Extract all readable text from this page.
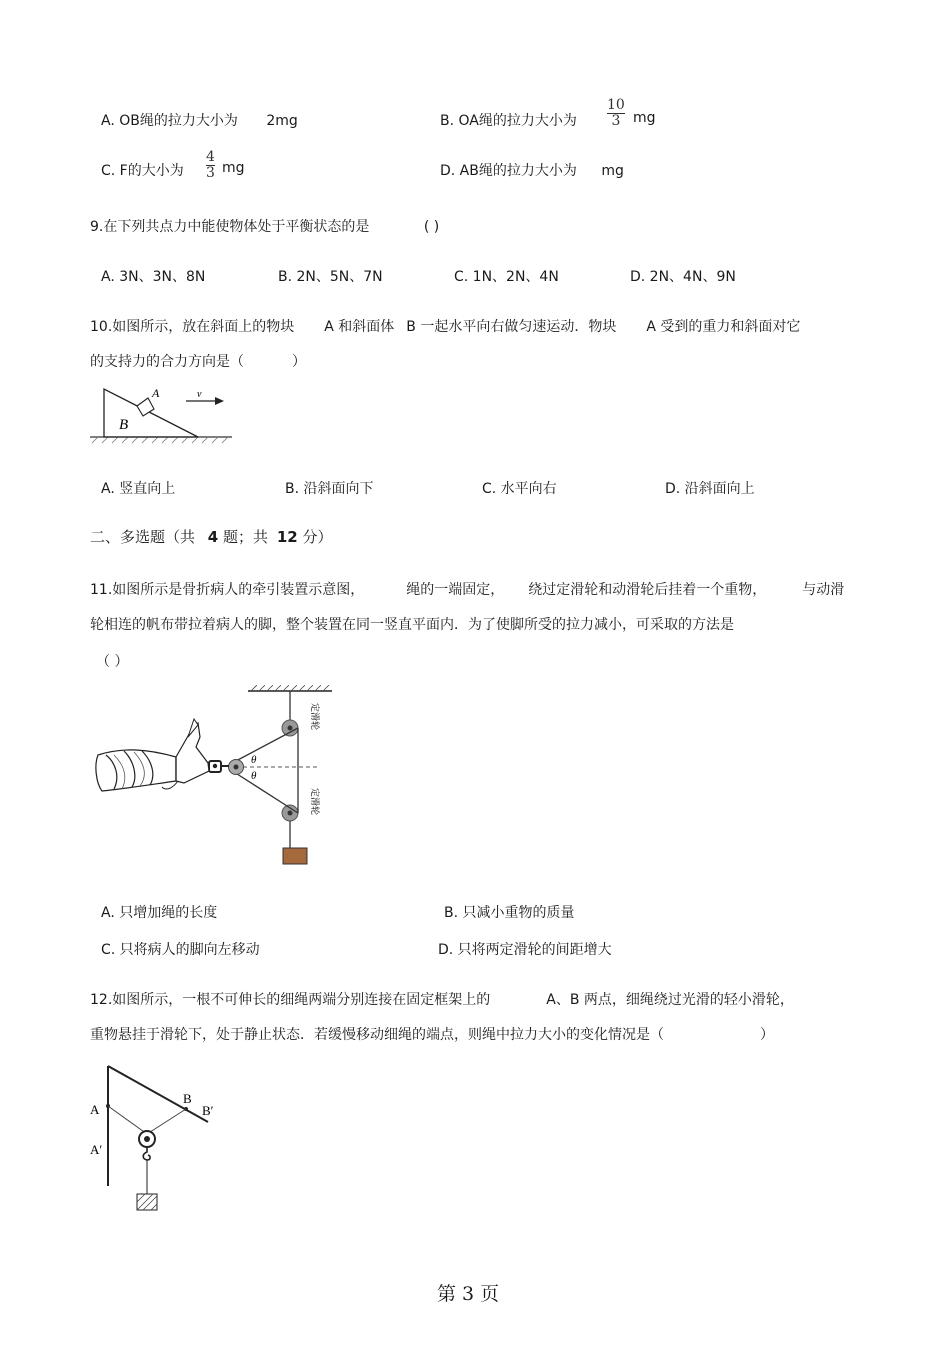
A. OB绳的拉力大小为 2mg	B. OA绳的拉力大小为
10
3 mg
C. F的大小为
4
3 mg	D. AB绳的拉力大小为 mg
9.在下列共点力中能使物体处于平衡状态的是	( )
A. 3N、3N、8N	B. 2N、5N、7N	C. 1N、2N、4N	D. 2N、4N、9N
10.如图所示，放在斜面上的物块 A 和斜面体 B 一起水平向右做匀速运动．物块 A 受到的重力和斜面对它
的支持力的合力方向是（	）
A
B
v
A. 竖直向上	B. 沿斜面向下	C. 水平向右	D. 沿斜面向上
二、多选题（共 4 题；共 12 分）
11.如图所示是骨折病人的牵引装置示意图，	绳的一端固定， 绕过定滑轮和动滑轮后挂着一个重物，	与动滑
轮相连的帆布带拉着病人的脚，整个装置在同一竖直平面内．为了使脚所受的拉力减小，可采取的方法是
（ ）
定滑轮
定滑轮
θ
θ
A. 只增加绳的长度	B. 只减小重物的质量
C. 只将病人的脚向左移动	D. 只将两定滑轮的间距增大
12.如图所示，一根不可伸长的细绳两端分别连接在固定框架上的	A、B 两点，细绳绕过光滑的轻小滑轮，
重物悬挂于滑轮下，处于静止状态．若缓慢移动细绳的端点，则绳中拉力大小的变化情况是（	）
A
A′
B
B′
第 3 页
